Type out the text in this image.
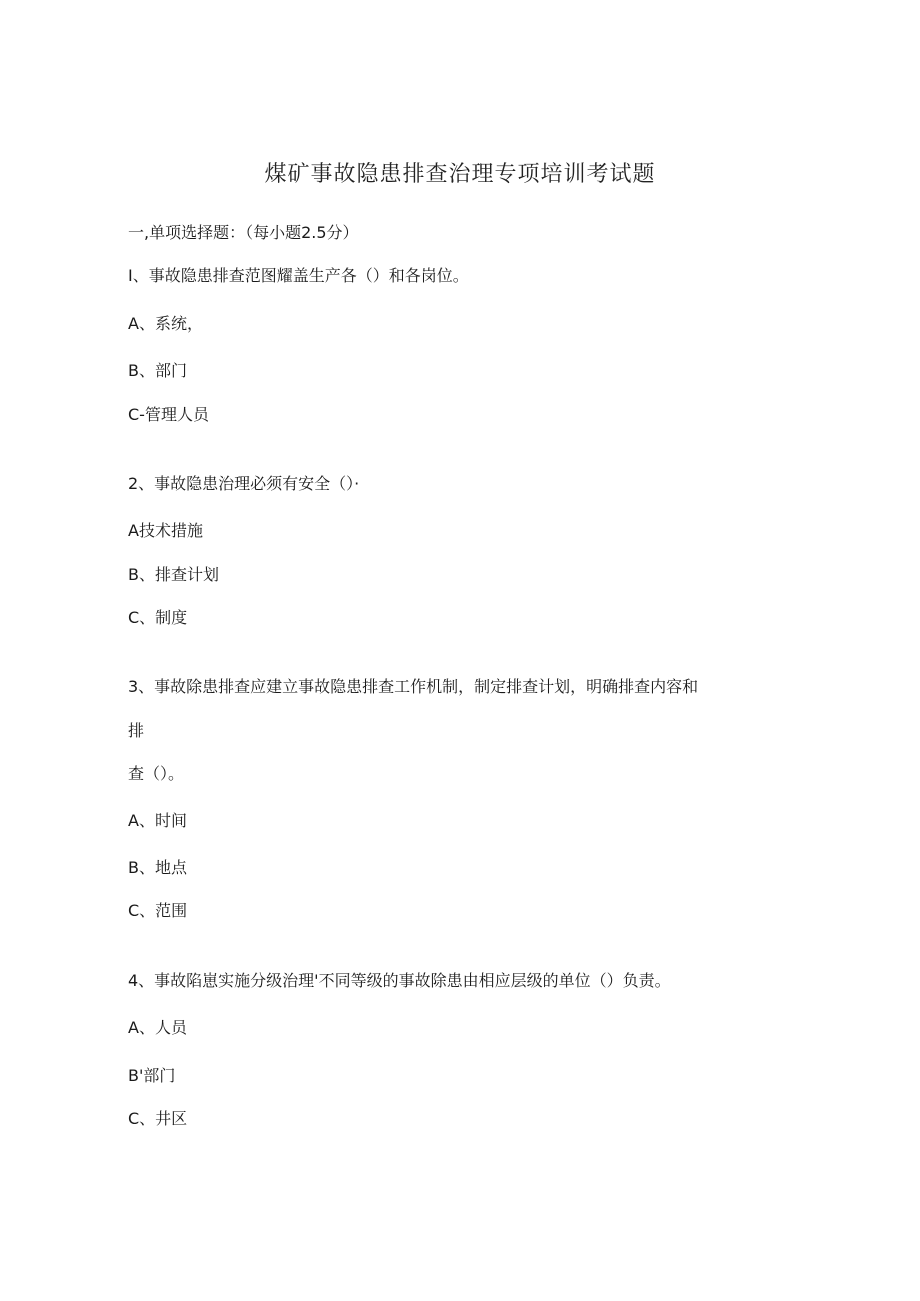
煤矿事故隐患排查治理专项培训考试题
一,单项选择题：（每小题2.5分）
I、事故隐患排查范图耀盖生产各（）和各岗位。
A、系统，
B、部门
C-管理人员
2、事故隐患治理必须有安全（）·
A技术措施
B、排查计划
C、制度
3、事故除患排查应建立事故隐患排查工作机制，制定排查计划，明确排查内容和
排
查（）。
A、时间
B、地点
C、范围
4、事故陷崽实施分级治理'不同等级的事故除患由相应层级的单位（）负责。
A、人员
B'部门
C、井区
